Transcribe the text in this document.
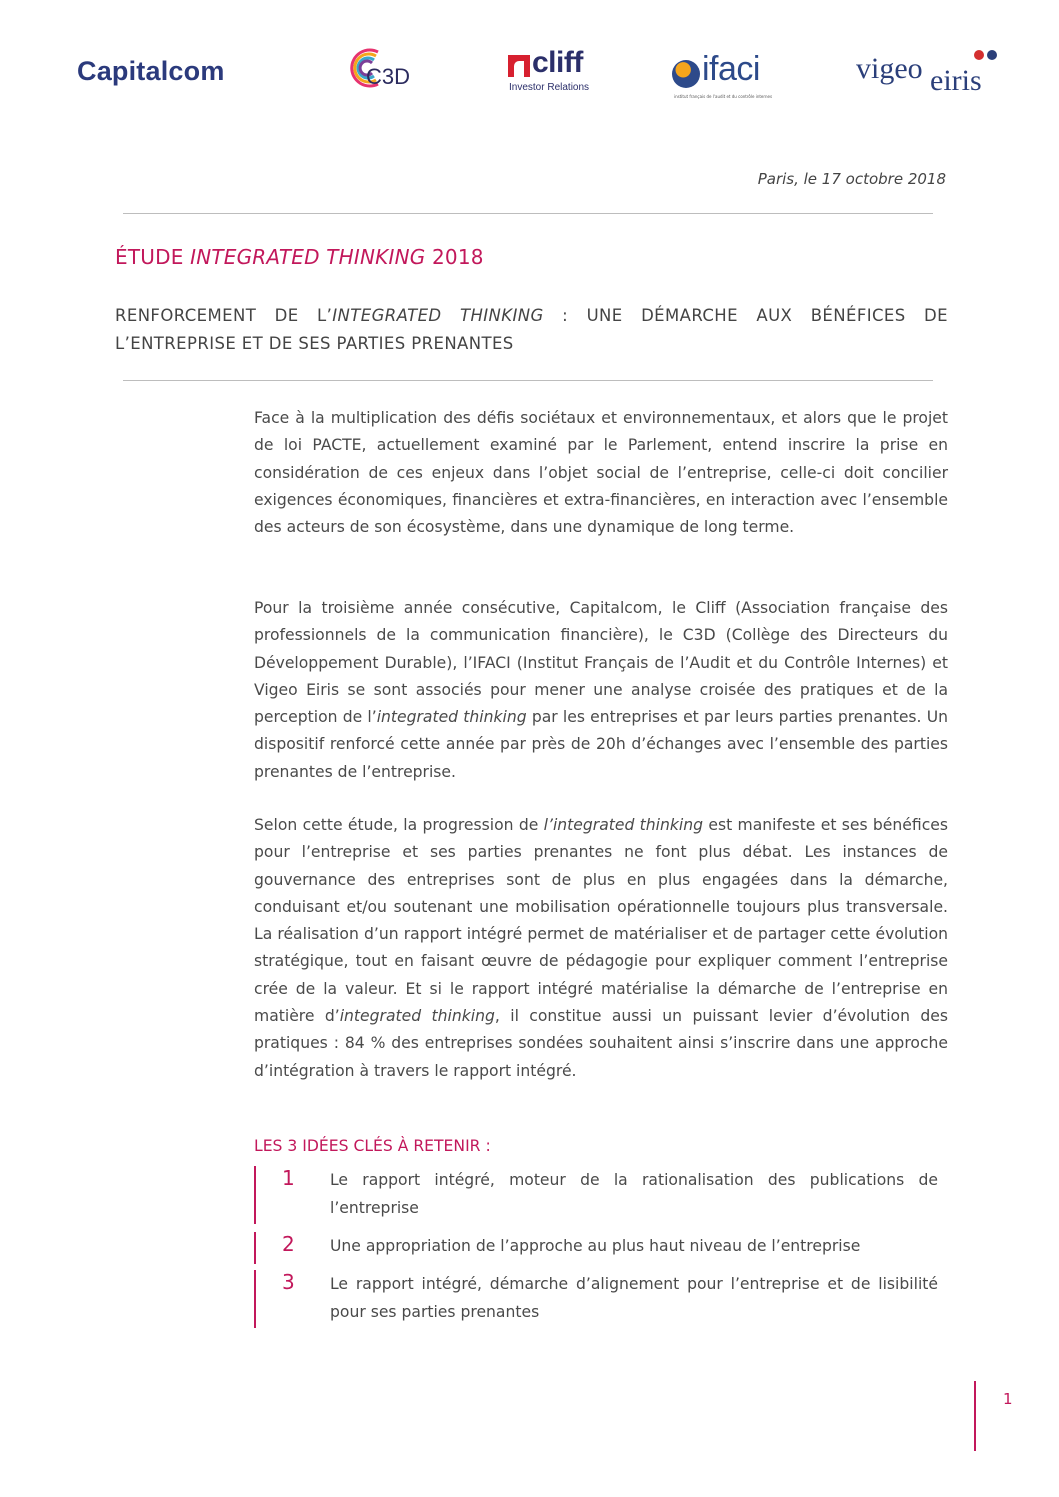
Capitalcom	C3D	cliff
Investor Relations	ifaci
institut français de l'audit et du contrôle internes
vigeo eiris
Paris, le 17 octobre 2018
ÉTUDE INTEGRATED THINKING 2018
RENFORCEMENT DE L’INTEGRATED THINKING : UNE DÉMARCHE AUX BÉNÉFICES DE L’ENTREPRISE ET DE SES PARTIES PRENANTES
Face à la multiplication des défis sociétaux et environnementaux, et alors que le projet de loi PACTE, actuellement examiné par le Parlement, entend inscrire la prise en considération de ces enjeux dans l’objet social de l’entreprise, celle-ci doit concilier exigences économiques, financières et extra-financières, en interaction avec l’ensemble des acteurs de son écosystème, dans une dynamique de long terme.
Pour la troisième année consécutive, Capitalcom, le Cliff (Association française des professionnels de la communication financière), le C3D (Collège des Directeurs du Développement Durable), l’IFACI (Institut Français de l’Audit et du Contrôle Internes) et Vigeo Eiris se sont associés pour mener une analyse croisée des pratiques et de la perception de l’integrated thinking par les entreprises et par leurs parties prenantes. Un dispositif renforcé cette année par près de 20h d’échanges avec l’ensemble des parties prenantes de l’entreprise.
Selon cette étude, la progression de l’integrated thinking est manifeste et ses bénéfices pour l’entreprise et ses parties prenantes ne font plus débat. Les instances de gouvernance des entreprises sont de plus en plus engagées dans la démarche, conduisant et/ou soutenant une mobilisation opérationnelle toujours plus transversale. La réalisation d’un rapport intégré permet de matérialiser et de partager cette évolution stratégique, tout en faisant œuvre de pédagogie pour expliquer comment l’entreprise crée de la valeur. Et si le rapport intégré matérialise la démarche de l’entreprise en matière d’integrated thinking, il constitue aussi un puissant levier d’évolution des pratiques : 84 % des entreprises sondées souhaitent ainsi s’inscrire dans une approche d’intégration à travers le rapport intégré.
LES 3 IDÉES CLÉS À RETENIR :
1 Le rapport intégré, moteur de la rationalisation des publications de l’entreprise
2 Une appropriation de l’approche au plus haut niveau de l’entreprise
3 Le rapport intégré, démarche d’alignement pour l’entreprise et de lisibilité pour ses parties prenantes
1
